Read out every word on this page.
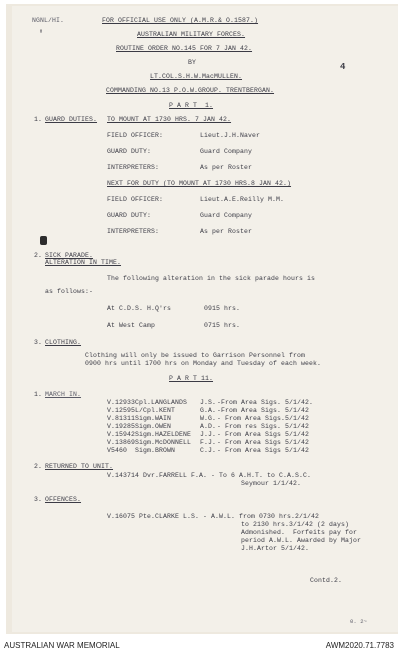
NGNL/HI.	FOR OFFICIAL USE ONLY (A.M.R.& O.1587.)
AUSTRALIAN MILITARY FORCES.
ROUTINE ORDER NO.145 FOR 7 JAN 42.
BY
LT.COL.S.H.W.MacMULLEN.
COMMANDING NO.13 P.O.W.GROUP. TRENTBERGAN.
4
'
P A R T  1.
1. GUARD DUTIES. TO MOUNT AT 1730 HRS. 7 JAN 42.
FIELD OFFICER:	Lieut.J.H.Naver
GUARD DUTY:	Guard Company
INTERPRETERS:	As per Roster
NEXT FOR DUTY (TO MOUNT AT 1730 HRS.8 JAN 42.)
FIELD OFFICER:	Lieut.A.E.Reilly M.M.
GUARD DUTY:	Guard Company
INTERPRETERS:	As per Roster
2. SICK PARADE.
ALTERATION IN TIME.
The following alteration in the sick parade hours is
as follows:-
At C.D.S. H.Q'rs	0915 hrs.
At West Camp	0715 hrs.
3. CLOTHING.
Clothing will only be issued to Garrison Personnel from
0900 hrs until 1700 hrs on Monday and Tuesday of each week.
P A R T 11.
1. MARCH IN.
V.12933 Cpl.LANGLANDS J.S. -From Area Sigs. 5/1/42.
V.12595 L/Cpl.KENT	G.A. -From Area Sigs. 5/1/42
V.81311 Sigm.WAIN	W.G. - From Area Sigs.5/1/42
V.19285 Sigm.OWEN	A.D. - From res Sigs. 5/1/42
V.15942 Sigm.HAZELDENE J.J. - From Area Sigs 5/1/42
V.13869 Sigm.McDONNELL F.J. - From Area Sigs 5/1/42
V5460 Sigm.BROWN	C.J. - From Area Sigs 5/1/42
2. RETURNED TO UNIT.
V.143714 Dvr.FARRELL F.A. - To 6 A.H.T. to C.A.S.C.
Seymour 1/1/42.
3. OFFENCES.
V.16075 Pte.CLARKE L.S. - A.W.L. from 0730 hrs.2/1/42
to 2130 hrs.3/1/42 (2 days)
Admonished.  Forfeits pay for
period A.W.L. Awarded by Major
J.H.Artor 5/1/42.
Contd.2.
0. 2~
AUSTRALIAN WAR MEMORIAL	AWM2020.71.7783
